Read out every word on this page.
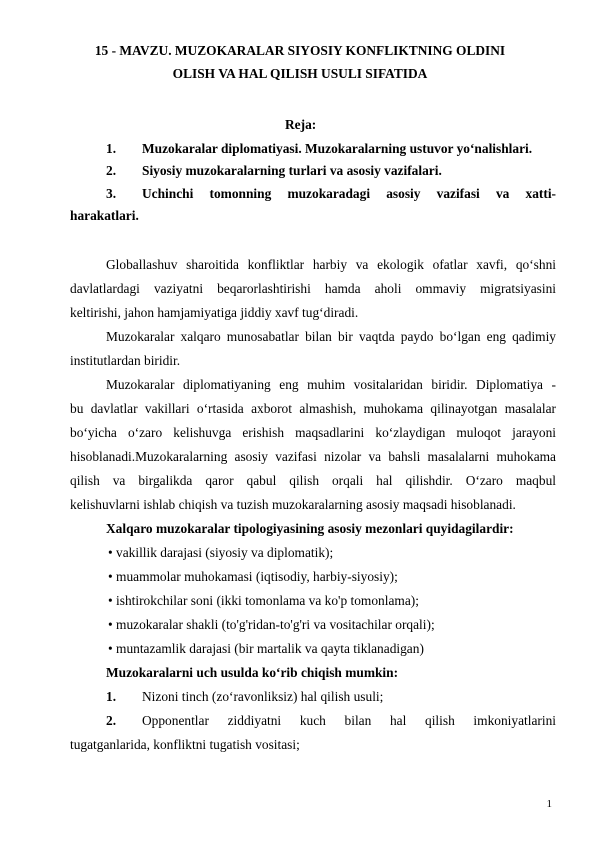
15 - MAVZU. MUZOKARALAR SIYOSIY KONFLIKTNING OLDINI
OLISH VA HAL QILISH USULI SIFATIDA
Reja:
1. Muzokaralar diplomatiyasi. Muzokaralarning ustuvor yo‘nalishlari.
2. Siyosiy muzokaralarning turlari va asosiy vazifalari.
3. Uchinchi tomonning muzokaradagi asosiy vazifasi va xatti-
harakatlari.
Globallashuv sharoitida konfliktlar harbiy va ekologik ofatlar xavfi, qo‘shni
davlatlardagi vaziyatni beqarorlashtirishi hamda aholi ommaviy migratsiyasini
keltirishi, jahon hamjamiyatiga jiddiy xavf tug‘diradi.
Muzokaralar xalqaro munosabatlar bilan bir vaqtda paydo bo‘lgan eng qadimiy
institutlardan biridir.
Muzokaralar diplomatiyaning eng muhim vositalaridan biridir. Diplomatiya -
bu davlatlar vakillari o‘rtasida axborot almashish, muhokama qilinayotgan masalalar
bo‘yicha o‘zaro kelishuvga erishish maqsadlarini ko‘zlaydigan muloqot jarayoni
hisoblanadi.Muzokaralarning asosiy vazifasi nizolar va bahsli masalalarni muhokama
qilish va birgalikda qaror qabul qilish orqali hal qilishdir. O‘zaro maqbul
kelishuvlarni ishlab chiqish va tuzish muzokaralarning asosiy maqsadi hisoblanadi.
Xalqaro muzokaralar tipologiyasining asosiy mezonlari quyidagilardir:
• vakillik darajasi (siyosiy va diplomatik);
• muammolar muhokamasi (iqtisodiy, harbiy-siyosiy);
• ishtirokchilar soni (ikki tomonlama va ko'p tomonlama);
• muzokaralar shakli (to'g'ridan-to'g'ri va vositachilar orqali);
• muntazamlik darajasi (bir martalik va qayta tiklanadigan)
Muzokaralarni uch usulda ko‘rib chiqish mumkin:
1. Nizoni tinch (zo‘ravonliksiz) hal qilish usuli;
2. Opponentlar ziddiyatni kuch bilan hal qilish imkoniyatlarini
tugatganlarida, konfliktni tugatish vositasi;
1
